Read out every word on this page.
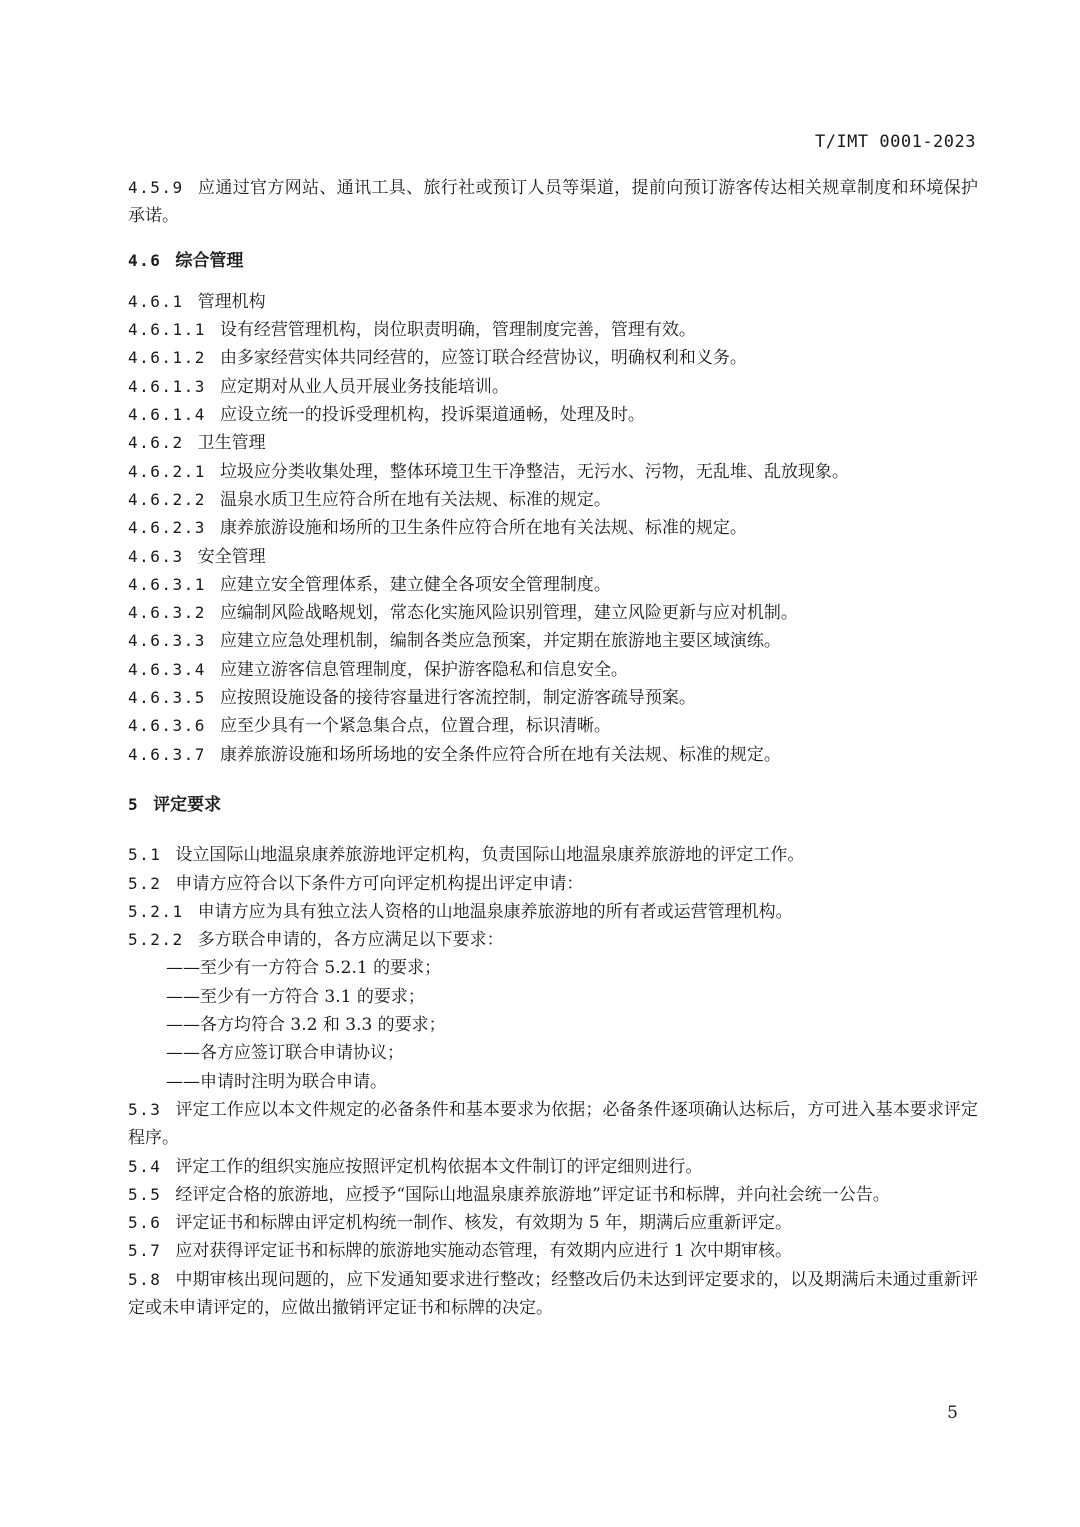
T/IMT 0001-2023
4.5.9 应通过官方网站、通讯工具、旅行社或预订人员等渠道，提前向预订游客传达相关规章制度和环境保护承诺。
4.6 综合管理
4.6.1 管理机构
4.6.1.1 设有经营管理机构，岗位职责明确，管理制度完善，管理有效。
4.6.1.2 由多家经营实体共同经营的，应签订联合经营协议，明确权利和义务。
4.6.1.3 应定期对从业人员开展业务技能培训。
4.6.1.4 应设立统一的投诉受理机构，投诉渠道通畅，处理及时。
4.6.2 卫生管理
4.6.2.1 垃圾应分类收集处理，整体环境卫生干净整洁，无污水、污物，无乱堆、乱放现象。
4.6.2.2 温泉水质卫生应符合所在地有关法规、标准的规定。
4.6.2.3 康养旅游设施和场所的卫生条件应符合所在地有关法规、标准的规定。
4.6.3 安全管理
4.6.3.1 应建立安全管理体系，建立健全各项安全管理制度。
4.6.3.2 应编制风险战略规划，常态化实施风险识别管理，建立风险更新与应对机制。
4.6.3.3 应建立应急处理机制，编制各类应急预案，并定期在旅游地主要区域演练。
4.6.3.4 应建立游客信息管理制度，保护游客隐私和信息安全。
4.6.3.5 应按照设施设备的接待容量进行客流控制，制定游客疏导预案。
4.6.3.6 应至少具有一个紧急集合点，位置合理，标识清晰。
4.6.3.7 康养旅游设施和场所场地的安全条件应符合所在地有关法规、标准的规定。
5 评定要求
5.1 设立国际山地温泉康养旅游地评定机构，负责国际山地温泉康养旅游地的评定工作。
5.2 申请方应符合以下条件方可向评定机构提出评定申请：
5.2.1 申请方应为具有独立法人资格的山地温泉康养旅游地的所有者或运营管理机构。
5.2.2 多方联合申请的，各方应满足以下要求：
——至少有一方符合 5.2.1 的要求；
——至少有一方符合 3.1 的要求；
——各方均符合 3.2 和 3.3 的要求；
——各方应签订联合申请协议；
——申请时注明为联合申请。
5.3 评定工作应以本文件规定的必备条件和基本要求为依据；必备条件逐项确认达标后，方可进入基本要求评定程序。
5.4 评定工作的组织实施应按照评定机构依据本文件制订的评定细则进行。
5.5 经评定合格的旅游地，应授予“国际山地温泉康养旅游地”评定证书和标牌，并向社会统一公告。
5.6 评定证书和标牌由评定机构统一制作、核发，有效期为 5 年，期满后应重新评定。
5.7 应对获得评定证书和标牌的旅游地实施动态管理，有效期内应进行 1 次中期审核。
5.8 中期审核出现问题的，应下发通知要求进行整改；经整改后仍未达到评定要求的，以及期满后未通过重新评定或未申请评定的，应做出撤销评定证书和标牌的决定。
5
